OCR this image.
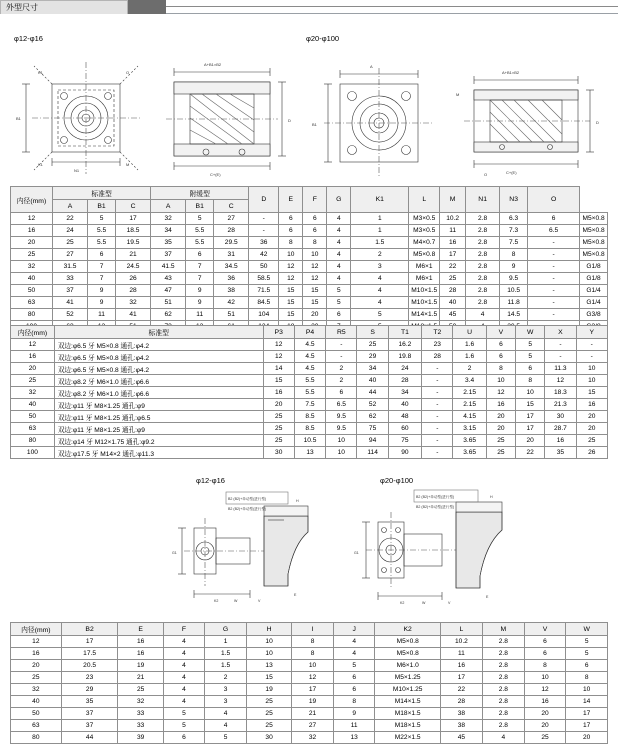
外型尺寸
φ12-φ16	φ20-φ100
A+B1×B2
C+(E)
N1
B1	D
K1	O
K1	M
A+B1×B2
C+(E)
A
B1	D
M
O
内径(mm)	标准型			附缓型			D	E	F	G	K1	L	M	N1	N3	O	
	A	B1	C	A	B1	C											
12	22	5	17	32	5	27	-	6	6	4	1	M3×0.5	10.2	2.8	6.3	6	M5×0.8
16	24	5.5	18.5	34	5.5	28	-	6	6	4	1	M3×0.5	11	2.8	7.3	6.5	M5×0.8
20	25	5.5	19.5	35	5.5	29.5	36	8	8	4	1.5	M4×0.7	16	2.8	7.5	-	M5×0.8
25	27	6	21	37	6	31	42	10	10	4	2	M5×0.8	17	2.8	8	-	M5×0.8
32	31.5	7	24.5	41.5	7	34.5	50	12	12	4	3	M6×1	22	2.8	9	-	G1/8
40	33	7	26	43	7	36	58.5	12	12	4	4	M6×1	25	2.8	9.5	-	G1/8
50	37	9	28	47	9	38	71.5	15	15	5	4	M10×1.5	28	2.8	10.5	-	G1/4
63	41	9	32	51	9	42	84.5	15	15	5	4	M10×1.5	40	2.8	11.8	-	G1/4
80	52	11	41	62	11	51	104	15	20	6	5	M14×1.5	45	4	14.5	-	G3/8

内径(mm)	标准型	P3	P4	R5	S	T1	T2	U	V	W	X	Y
12	双边:φ6.5 牙 M5×0.8 通孔:φ4.2	12	4.5	-	25	16.2	23	1.6	6	5	-	-
16	双边:φ6.5 牙 M5×0.8 通孔:φ4.2	12	4.5	-	29	19.8	28	1.6	6	5	-	-
20	双边:φ6.5 牙 M5×0.8 通孔:φ4.2	14	4.5	2	34	24	-	2	8	6	11.3	10
25	双边:φ8.2 牙 M6×1.0 通孔:φ6.6	15	5.5	2	40	28	-	3.4	10	8	12	10
32	双边:φ8.2 牙 M6×1.0 通孔:φ6.6	16	5.5	6	44	34	-	2.15	12	10	18.3	15
40	双边:φ11 牙 M8×1.25 通孔:φ9	20	7.5	6.5	52	40	-	2.15	16	15	21.3	16
50	双边:φ11 牙 M8×1.25 通孔:φ6.5	25	8.5	9.5	62	48	-	4.15	20	17	30	20
63	双边:φ11 牙 M8×1.25 通孔:φ9	25	8.5	9.5	75	60	-	3.15	20	17	28.7	20
80	双边:φ14 牙 M12×1.75 通孔:φ9.2	25	10.5	10	94	75	-	3.65	25	20	16	25
100	双边:φ17.5 牙 M14×2 通孔:φ11.3	30	13	10	114	90	-	3.65	25	22	35	26
φ12-φ16	φ20-φ100
B2 (B2)+单动型(进行型)
B2 (B2)+单动型(进行型)
G1
K2	W	V
H
E
B2 (B2)+单动型(进行型)
B2 (B2)+单动型(进行型)
G1
K2	W	V
H
E
内径(mm)	B2	E	F	G	H	I	J	K2	L	M	V	W
12	17	16	4	1	10	8	4	M5×0.8	10.2	2.8	6	5
16	17.5	16	4	1.5	10	8	4	M5×0.8	11	2.8	6	5
20	20.5	19	4	1.5	13	10	5	M6×1.0	16	2.8	8	6
25	23	21	4	2	15	12	6	M5×1.25	17	2.8	10	8
32	29	25	4	3	19	17	6	M10×1.25	22	2.8	12	10
40	35	32	4	3	25	19	8	M14×1.5	28	2.8	16	14
50	37	33	5	4	25	21	9	M18×1.5	38	2.8	20	17
63	37	33	5	4	25	27	11	M18×1.5	38	2.8	20	17
80	44	39	6	5	30	32	13	M22×1.5	45	4	25	20
